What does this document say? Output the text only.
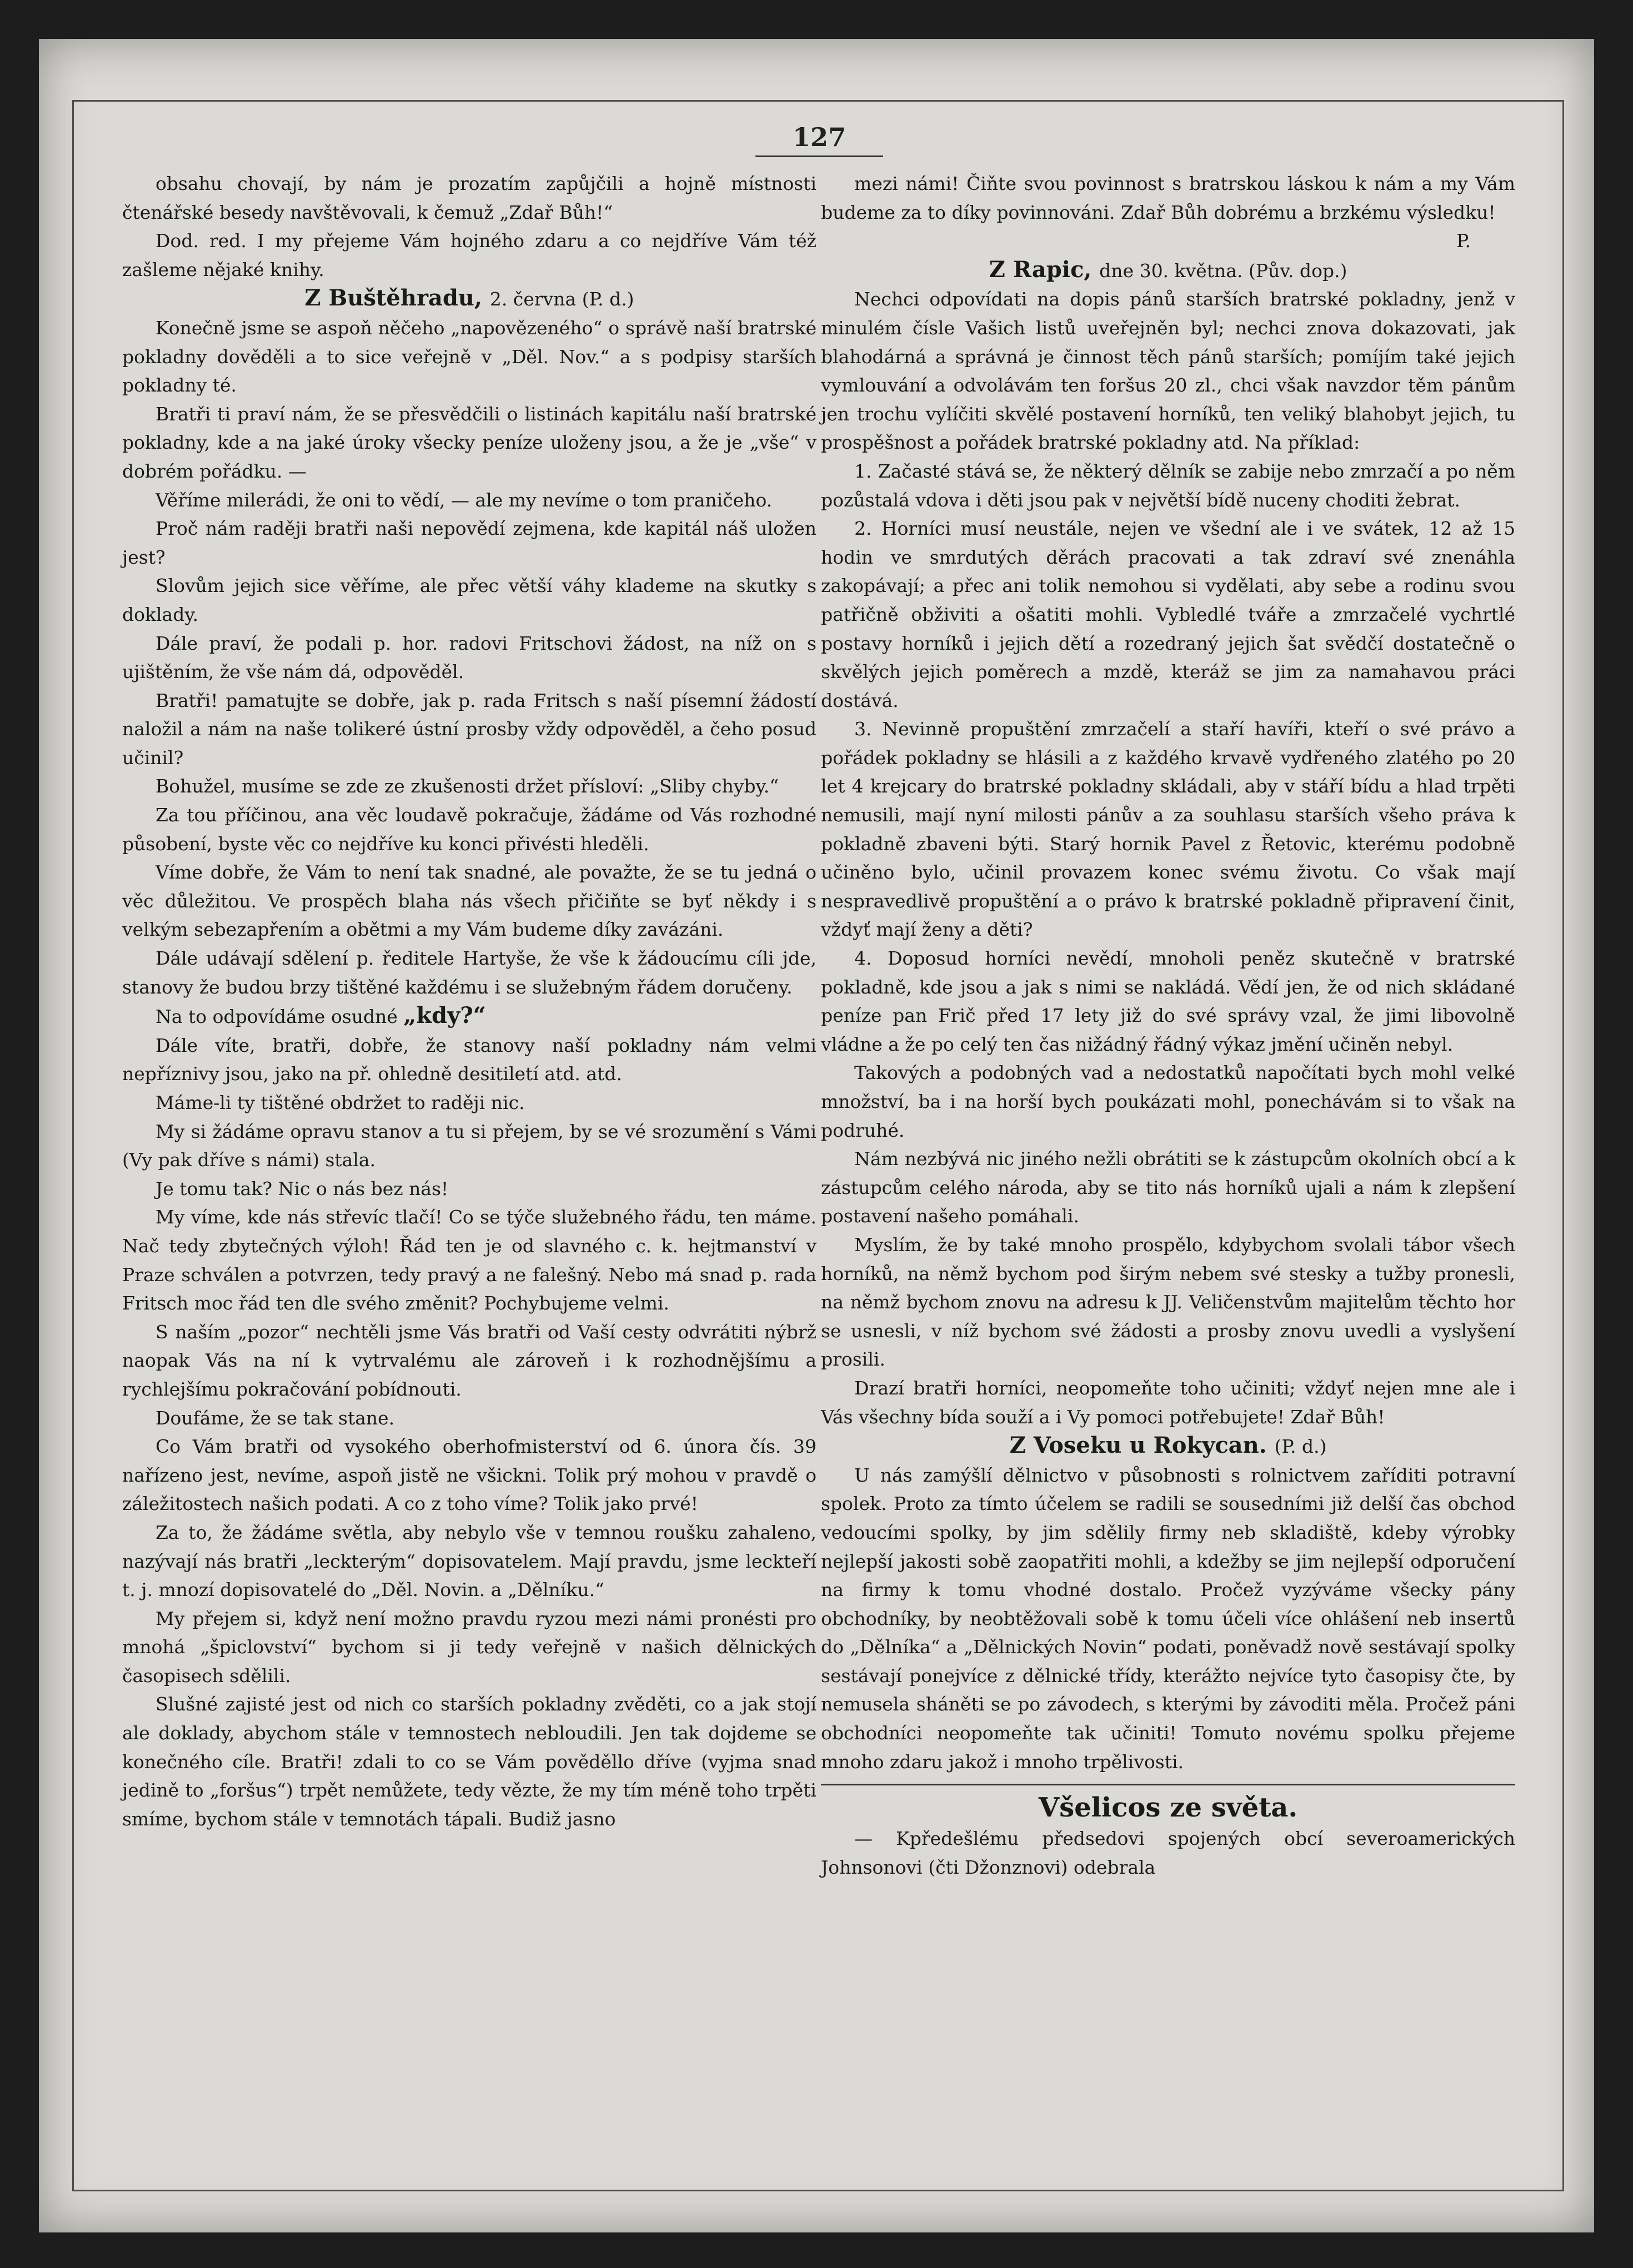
127

obsahu chovají, by nám je prozatím zapůjčili a hojně místnosti čtenářské besedy navštěvovali, k čemuž „Zdař Bůh!“

Dod. red. I my přejeme Vám hojného zdaru a co nejdříve Vám též zašleme nějaké knihy.

Z Buštěhradu, 2. června (P. d.)

Konečně jsme se aspoň něčeho „napovězeného“ o správě naší bratrské pokladny dověděli a to sice veřejně v „Děl. Nov.“ a s podpisy starších pokladny té.

Bratři ti praví nám, že se přesvědčili o listinách kapitálu naší bratrské pokladny, kde a na jaké úroky všecky peníze uloženy jsou, a že je „vše“ v dobrém pořádku. —

Věříme milerádi, že oni to vědí, — ale my nevíme o tom praničeho.

Proč nám raději bratři naši nepovědí zejmena, kde kapitál náš uložen jest?

Slovům jejich sice věříme, ale přec větší váhy klademe na skutky s doklady.

Dále praví, že podali p. hor. radovi Fritschovi žádost, na níž on s ujištěním, že vše nám dá, odpověděl.

Bratři! pamatujte se dobře, jak p. rada Fritsch s naší písemní žádostí naložil a nám na naše tolikeré ústní prosby vždy odpověděl, a čeho posud učinil?

Bohužel, musíme se zde ze zkušenosti držet přísloví: „Sliby chyby.“

Za tou příčinou, ana věc loudavě pokračuje, žádáme od Vás rozhodné působení, byste věc co nejdříve ku konci přivésti hleděli.

Víme dobře, že Vám to není tak snadné, ale považte, že se tu jedná o věc důležitou. Ve prospěch blaha nás všech přičiňte se byť někdy i s velkým sebezapřením a obětmi a my Vám budeme díky zavázáni.

Dále udávají sdělení p. ředitele Hartyše, že vše k žádoucímu cíli jde, stanovy že budou brzy tištěné každému i se služebným řádem doručeny.

Na to odpovídáme osudné „kdy?“

Dále víte, bratři, dobře, že stanovy naší pokladny nám velmi nepříznivy jsou, jako na př. ohledně desitiletí atd. atd.

Máme-li ty tištěné obdržet to raději nic.

My si žádáme opravu stanov a tu si přejem, by se vé srozumění s Vámi (Vy pak dříve s námi) stala.

Je tomu tak? Nic o nás bez nás!

My víme, kde nás střevíc tlačí! Co se týče služebného řádu, ten máme. Nač tedy zbytečných výloh! Řád ten je od slavného c. k. hejtmanství v Praze schválen a potvrzen, tedy pravý a ne falešný. Nebo má snad p. rada Fritsch moc řád ten dle svého změnit? Pochybujeme velmi.

S naším „pozor“ nechtěli jsme Vás bratři od Vaší cesty odvrátiti nýbrž naopak Vás na ní k vytrvalému ale zároveň i k rozhodnějšímu a rychlejšímu pokračování pobídnouti.

Doufáme, že se tak stane.

Co Vám bratři od vysokého oberhofmisterství od 6. února čís. 39 nařízeno jest, nevíme, aspoň jistě ne všickni. Tolik prý mohou v pravdě o záležitostech našich podati. A co z toho víme? Tolik jako prvé!

Za to, že žádáme světla, aby nebylo vše v temnou roušku zahaleno, nazývají nás bratři „leckterým“ dopisovatelem. Mají pravdu, jsme leckteří t. j. mnozí dopisovatelé do „Děl. Novin. a „Dělníku.“

My přejem si, když není možno pravdu ryzou mezi námi pronésti pro mnohá „špiclovství“ bychom si ji tedy veřejně v našich dělnických časopisech sdělili.

Slušné zajisté jest od nich co starších pokladny zvěděti, co a jak stojí ale doklady, abychom stále v temnostech nebloudili. Jen tak dojdeme se konečného cíle. Bratři! zdali to co se Vám pověděllo dříve (vyjma snad jedině to „foršus“) trpět nemůžete, tedy vězte, že my tím méně toho trpěti smíme, bychom stále v temnotách tápali. Budiž jasno

mezi námi! Čiňte svou povinnost s bratrskou láskou k nám a my Vám budeme za to díky povinnováni. Zdař Bůh dobrému a brzkému výsledku!

P.

Z Rapic, dne 30. května. (Pův. dop.)

Nechci odpovídati na dopis pánů starších bratrské pokladny, jenž v minulém čísle Vašich listů uveřejněn byl; nechci znova dokazovati, jak blahodárná a správná je činnost těch pánů starších; pomíjím také jejich vymlouvání a odvolávám ten foršus 20 zl., chci však navzdor těm pánům jen trochu vylíčiti skvělé postavení horníků, ten veliký blahobyt jejich, tu prospěšnost a pořádek bratrské pokladny atd. Na příklad:

1. Začasté stává se, že některý dělník se zabije nebo zmrzačí a po něm pozůstalá vdova i děti jsou pak v největší bídě nuceny choditi žebrat.

2. Horníci musí neustále, nejen ve všední ale i ve svátek, 12 až 15 hodin ve smrdutých děrách pracovati a tak zdraví své znenáhla zakopávají; a přec ani tolik nemohou si vydělati, aby sebe a rodinu svou patřičně obživiti a ošatiti mohli. Vybledlé tváře a zmrzačelé vychrtlé postavy horníků i jejich dětí a rozedraný jejich šat svědčí dostatečně o skvělých jejich poměrech a mzdě, kteráž se jim za namahavou práci dostává.

3. Nevinně propuštění zmrzačelí a staří havíři, kteří o své právo a pořádek pokladny se hlásili a z každého krvavě vydřeného zlatého po 20 let 4 krejcary do bratrské pokladny skládali, aby v stáří bídu a hlad trpěti nemusili, mají nyní milosti pánův a za souhlasu starších všeho práva k pokladně zbaveni býti. Starý hornik Pavel z Řetovic, kterému podobně učiněno bylo, učinil provazem konec svému životu. Co však mají nespravedlivě propuštění a o právo k bratrské pokladně připravení činit, vždyť mají ženy a děti?

4. Doposud horníci nevědí, mnoholi peněz skutečně v bratrské pokladně, kde jsou a jak s nimi se nakládá. Vědí jen, že od nich skládané peníze pan Frič před 17 lety již do své správy vzal, že jimi libovolně vládne a že po celý ten čas nižádný řádný výkaz jmění učiněn nebyl.

Takových a podobných vad a nedostatků napočítati bych mohl velké množství, ba i na horší bych poukázati mohl, ponechávám si to však na podruhé.

Nám nezbývá nic jiného nežli obrátiti se k zástupcům okolních obcí a k zástupcům celého národa, aby se tito nás horníků ujali a nám k zlepšení postavení našeho pomáhali.

Myslím, že by také mnoho prospělo, kdybychom svolali tábor všech horníků, na němž bychom pod širým nebem své stesky a tužby pronesli, na němž bychom znovu na adresu k JJ. Veličenstvům majitelům těchto hor se usnesli, v níž bychom své žádosti a prosby znovu uvedli a vyslyšení prosili.

Drazí bratři horníci, neopomeňte toho učiniti; vždyť nejen mne ale i Vás všechny bída souží a i Vy pomoci potřebujete! Zdař Bůh!

Z Voseku u Rokycan. (P. d.)

U nás zamýšlí dělnictvo v působnosti s rolnictvem zaříditi potravní spolek. Proto za tímto účelem se radili se sousedními již delší čas obchod vedoucími spolky, by jim sdělily firmy neb skladiště, kdeby výrobky nejlepší jakosti sobě zaopatřiti mohli, a kdežby se jim nejlepší odporučení na firmy k tomu vhodné dostalo. Pročež vyzýváme všecky pány obchodníky, by neobtěžovali sobě k tomu účeli více ohlášení neb insertů do „Dělníka“ a „Dělnických Novin“ podati, poněvadž nově sestávají spolky sestávají ponejvíce z dělnické třídy, kterážto nejvíce tyto časopisy čte, by nemusela sháněti se po závodech, s kterými by závoditi měla. Pročež páni obchodníci neopomeňte tak učiniti! Tomuto novému spolku přejeme mnoho zdaru jakož i mnoho trpělivosti.

Všelicos ze světa.

— Kpředešlému předsedovi spojených obcí severoamerických Johnsonovi (čti Džonznovi) odebrala
